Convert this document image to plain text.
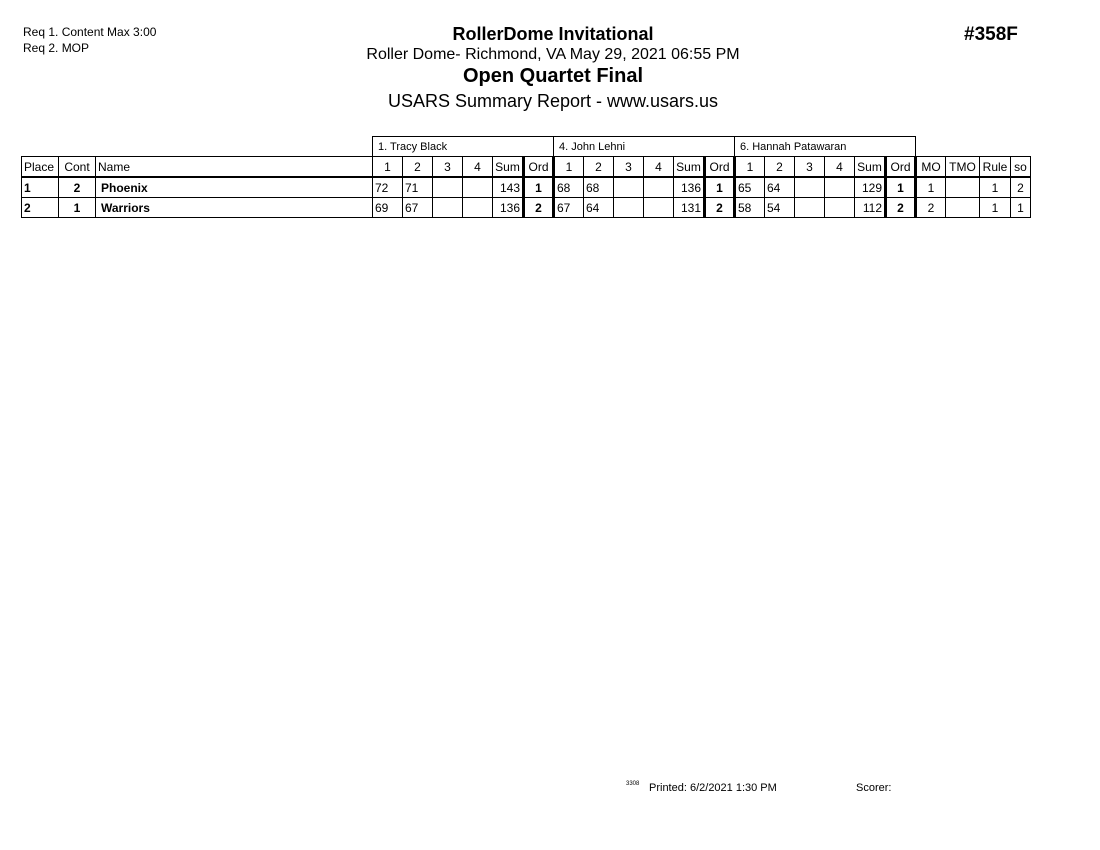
Req 1. Content Max 3:00
Req 2. MOP
RollerDome Invitational
Roller Dome- Richmond, VA May 29, 2021 06:55 PM
Open Quartet Final
USARS Summary Report - www.usars.us
#358F
			1. Tracy Black						4. John Lehni						6. Hannah Patawaran									
Place	Cont	Name	1	2	3	4	Sum	Ord	1	2	3	4	Sum	Ord	1	2	3	4	Sum	Ord	MO	TMO	Rule	so
1	2	Phoenix	72	71			143	1	68	68			136	1	65	64			129	1	1		1	2
2	1	Warriors	69	67			136	2	67	64			131	2	58	54			112	2	2		1	1
3308 Printed: 6/2/2021 1:30 PM	Scorer:
